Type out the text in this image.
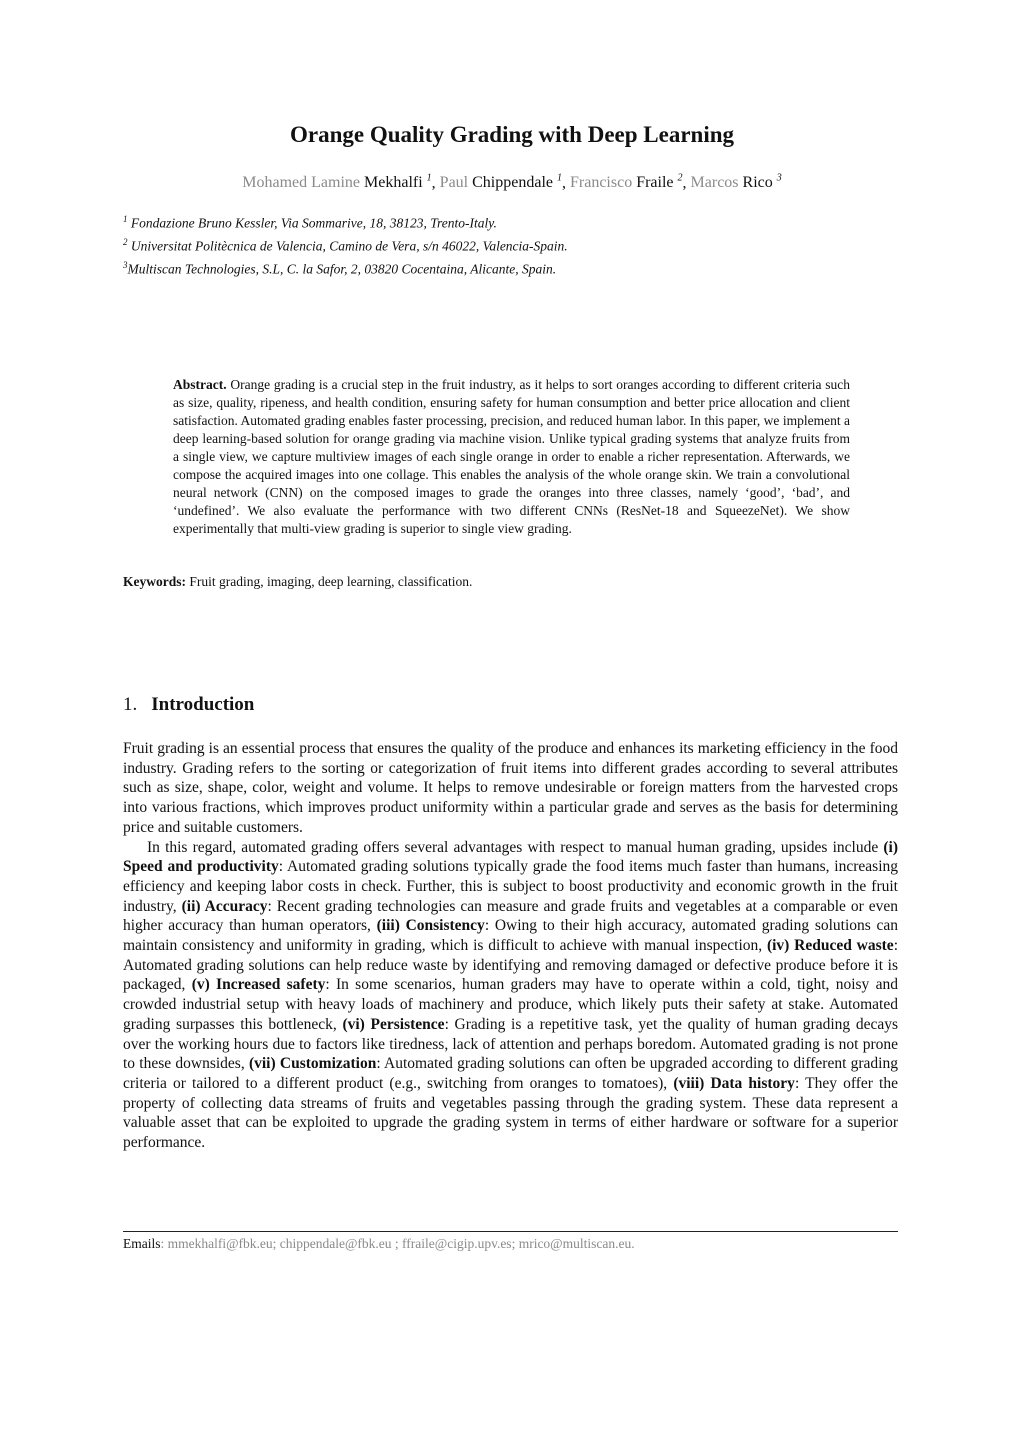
Orange Quality Grading with Deep Learning
Mohamed Lamine Mekhalfi $^1$, Paul Chippendale $^1$, Francisco Fraile $^2$, Marcos Rico $^3$
$^1$ Fondazione Bruno Kessler, Via Sommarive, 18, 38123, Trento-Italy.
$^2$ Universitat Politècnica de Valencia, Camino de Vera, s/n 46022, Valencia-Spain.
$^3$Multiscan Technologies, S.L, C. la Safor, 2, 03820 Cocentaina, Alicante, Spain.

Abstract. Orange grading is a crucial step in the fruit industry, as it helps to sort oranges according to different criteria such as size, quality, ripeness, and health condition, ensuring safety for human consumption and better price allocation and client satisfaction. Automated grading enables faster processing, precision, and reduced human labor. In this paper, we implement a deep learning-based solution for orange grading via machine vision. Unlike typical grading systems that analyze fruits from a single view, we capture multiview images of each single orange in order to enable a richer representation. Afterwards, we compose the acquired images into one collage. This enables the analysis of the whole orange skin. We train a convolutional neural network (CNN) on the composed images to grade the oranges into three classes, namely ‘good’, ‘bad’, and ‘undefined’. We also evaluate the performance with two different CNNs (ResNet-18 and SqueezeNet). We show experimentally that multi-view grading is superior to single view grading.

Keywords: Fruit grading, imaging, deep learning, classification.

1. Introduction

Fruit grading is an essential process that ensures the quality of the produce and enhances its marketing efficiency in the food industry. Grading refers to the sorting or categorization of fruit items into different grades according to several attributes such as size, shape, color, weight and volume. It helps to remove undesirable or foreign matters from the harvested crops into various fractions, which improves product uniformity within a particular grade and serves as the basis for determining price and suitable customers.

In this regard, automated grading offers several advantages with respect to manual human grading, upsides include (i) Speed and productivity: Automated grading solutions typically grade the food items much faster than humans, increasing efficiency and keeping labor costs in check. Further, this is subject to boost productivity and economic growth in the fruit industry, (ii) Accuracy: Recent grading technologies can measure and grade fruits and vegetables at a comparable or even higher accuracy than human operators, (iii) Consistency: Owing to their high accuracy, automated grading solutions can maintain consistency and uniformity in grading, which is difficult to achieve with manual inspection, (iv) Reduced waste: Automated grading solutions can help reduce waste by identifying and removing damaged or defective produce before it is packaged, (v) Increased safety: In some scenarios, human graders may have to operate within a cold, tight, noisy and crowded industrial setup with heavy loads of machinery and produce, which likely puts their safety at stake. Automated grading surpasses this bottleneck, (vi) Persistence: Grading is a repetitive task, yet the quality of human grading decays over the working hours due to factors like tiredness, lack of attention and perhaps boredom. Automated grading is not prone to these downsides, (vii) Customization: Automated grading solutions can often be upgraded according to different grading criteria or tailored to a different product (e.g., switching from oranges to tomatoes), (viii) Data history: They offer the property of collecting data streams of fruits and vegetables passing through the grading system. These data represent a valuable asset that can be exploited to upgrade the grading system in terms of either hardware or software for a superior performance.

Emails: mmekhalfi@fbk.eu; chippendale@fbk.eu ; ffraile@cigip.upv.es; mrico@multiscan.eu.
